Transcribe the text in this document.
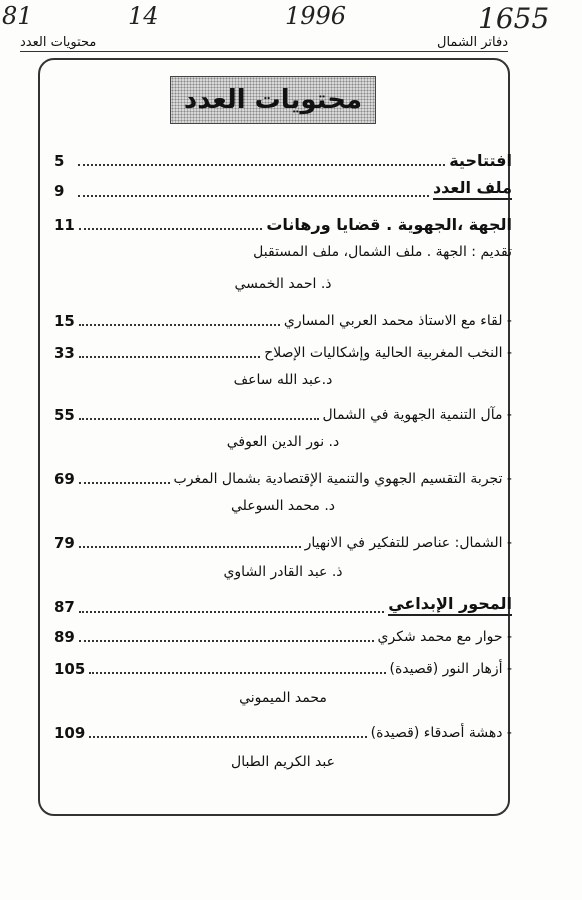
81	14	1996	1655
دفاتر الشمال
محتويات العدد
محتويات العدد
5	افتتاحية
9	ملف العدد
11	الجهة ،الجهوية . قضايا ورهانات
تقديم : الجهة . ملف الشمال، ملف المستقبل
ذ. احمد الخمسي
15	- لقاء مع الاستاذ محمد العربي المساري
33	- النخب المغربية الحالية وإشكاليات الإصلاح
د.عبد الله ساعف
55	- مآل التنمية الجهوية في الشمال
د. نور الدين العوفي
69	- تجربة التقسيم الجهوي والتنمية الإقتصادية بشمال المغرب
د. محمد السوعلي
79	- الشمال: عناصر للتفكير في الانهيار
ذ. عبد القادر الشاوي
87	المحور الإبداعي
89	- حوار مع محمد شكري
105	- أزهار النور (قصيدة)
محمد الميموني
109	- دهشة أصدقاء (قصيدة)
عبد الكريم الطبال
